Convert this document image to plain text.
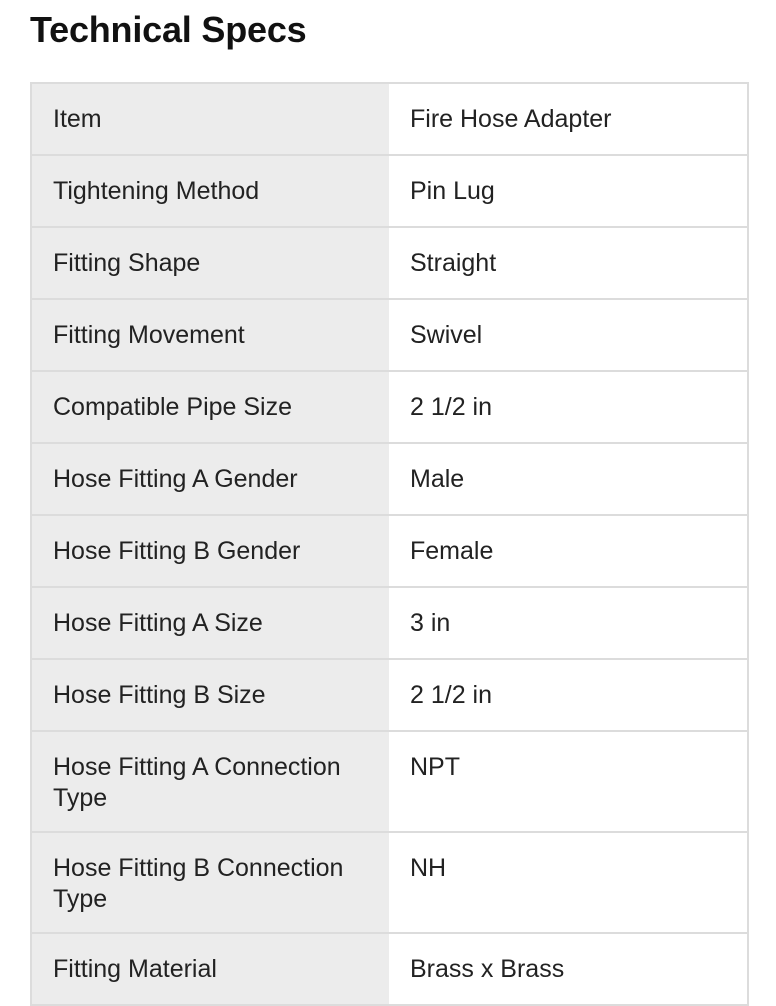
Technical Specs
Item	Fire Hose Adapter
Tightening Method	Pin Lug
Fitting Shape	Straight
Fitting Movement	Swivel
Compatible Pipe Size	2 1/2 in
Hose Fitting A Gender	Male
Hose Fitting B Gender	Female
Hose Fitting A Size	3 in
Hose Fitting B Size	2 1/2 in
Hose Fitting A Connection Type	NPT
Hose Fitting B Connection Type	NH
Fitting Material	Brass x Brass
